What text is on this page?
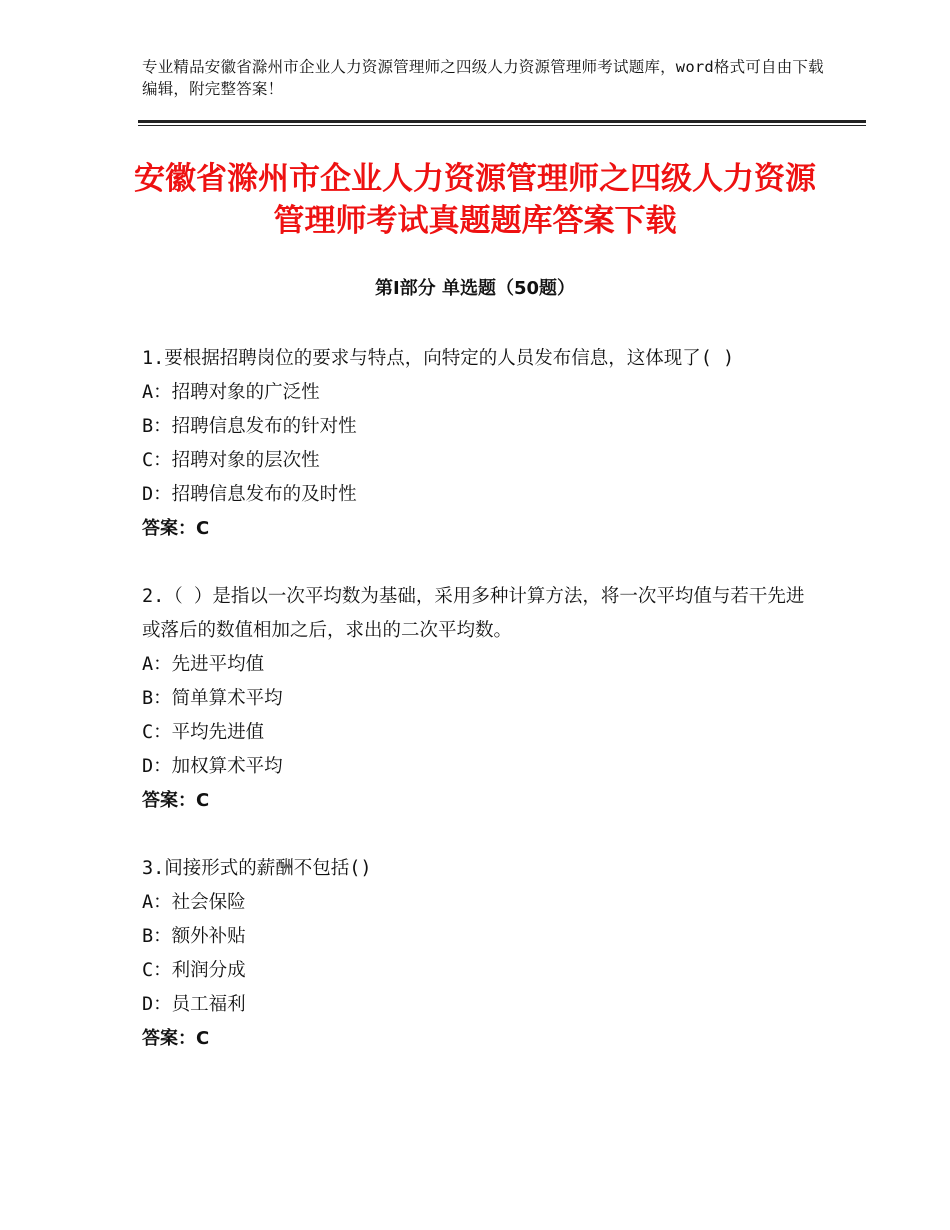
专业精品安徽省滁州市企业人力资源管理师之四级人力资源管理师考试题库，word格式可自由下载编辑，附完整答案！
安徽省滁州市企业人力资源管理师之四级人力资源管理师考试真题题库答案下载
第Ⅰ部分 单选题（50题）
1.要根据招聘岗位的要求与特点，向特定的人员发布信息，这体现了( )
A：招聘对象的广泛性
B：招聘信息发布的针对性
C：招聘对象的层次性
D：招聘信息发布的及时性
答案：C
2.（ ）是指以一次平均数为基础，采用多种计算方法，将一次平均值与若干先进或落后的数值相加之后，求出的二次平均数。
A：先进平均值
B：简单算术平均
C：平均先进值
D：加权算术平均
答案：C
3.间接形式的薪酬不包括()
A：社会保险
B：额外补贴
C：利润分成
D：员工福利
答案：C
